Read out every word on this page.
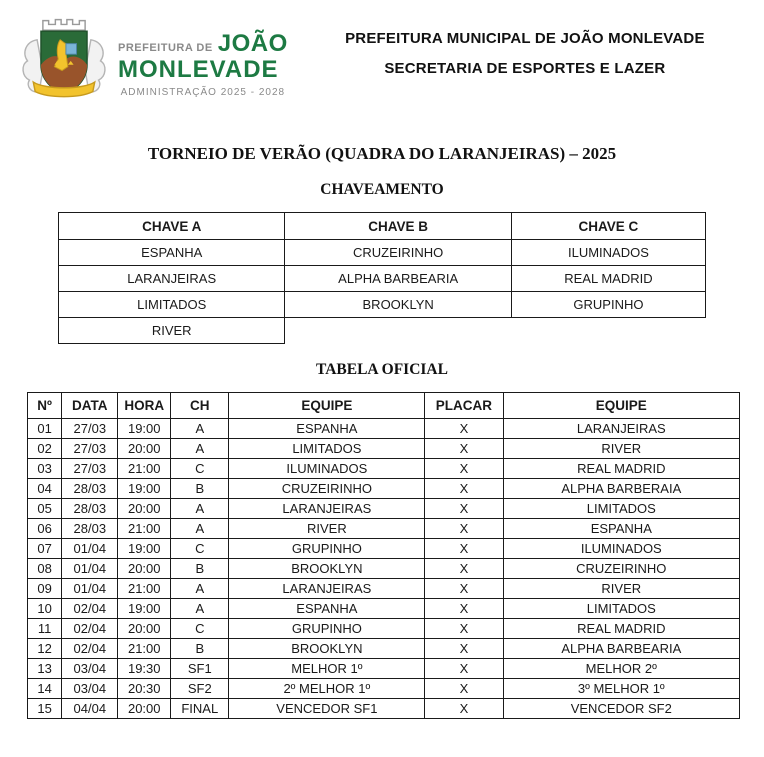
PREFEITURA DE JOÃO
MONLEVADE
ADMINISTRAÇÃO 2025 - 2028
PREFEITURA MUNICIPAL DE JOÃO MONLEVADE
SECRETARIA DE ESPORTES E LAZER
TORNEIO DE VERÃO (QUADRA DO LARANJEIRAS) – 2025
CHAVEAMENTO
CHAVE A	CHAVE B	CHAVE C
ESPANHA	CRUZEIRINHO	ILUMINADOS
LARANJEIRAS	ALPHA BARBEARIA	REAL MADRID
LIMITADOS	BROOKLYN	GRUPINHO
RIVER		
TABELA OFICIAL
Nº	DATA	HORA	CH	EQUIPE	PLACAR	EQUIPE
01	27/03	19:00	A	ESPANHA	X	LARANJEIRAS
02	27/03	20:00	A	LIMITADOS	X	RIVER
03	27/03	21:00	C	ILUMINADOS	X	REAL MADRID
04	28/03	19:00	B	CRUZEIRINHO	X	ALPHA BARBERAIA
05	28/03	20:00	A	LARANJEIRAS	X	LIMITADOS
06	28/03	21:00	A	RIVER	X	ESPANHA
07	01/04	19:00	C	GRUPINHO	X	ILUMINADOS
08	01/04	20:00	B	BROOKLYN	X	CRUZEIRINHO
09	01/04	21:00	A	LARANJEIRAS	X	RIVER
10	02/04	19:00	A	ESPANHA	X	LIMITADOS
11	02/04	20:00	C	GRUPINHO	X	REAL MADRID
12	02/04	21:00	B	BROOKLYN	X	ALPHA BARBEARIA
13	03/04	19:30	SF1	MELHOR 1º	X	MELHOR 2º
14	03/04	20:30	SF2	2º MELHOR 1º	X	3º MELHOR 1º
15	04/04	20:00	FINAL	VENCEDOR SF1	X	VENCEDOR SF2
